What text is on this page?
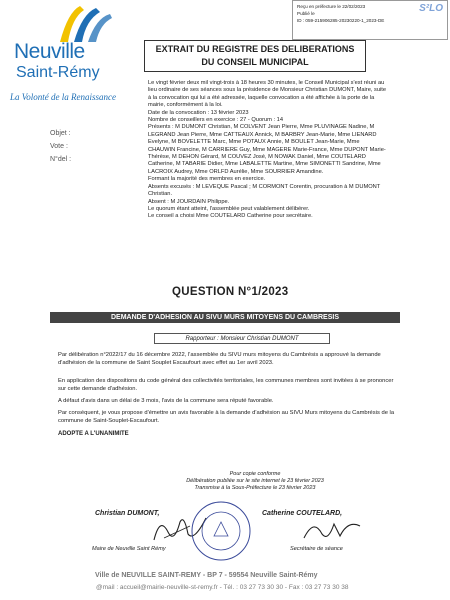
Reçu en préfecture le 22/02/2023
Publié le
ID : 059-215906285-20230220-1_2023-DE
S²LO
Neuville
Saint-Rémy
La Volonté de la Renaissance
EXTRAIT DU REGISTRE DES DELIBERATIONS
DU CONSEIL MUNICIPAL
Objet :
Vote :
N°del :

Le vingt février deux mil vingt-trois à 18 heures 30 minutes, le Conseil Municipal s'est réuni au lieu ordinaire de ses séances sous la présidence de Monsieur Christian DUMONT, Maire, suite à la convocation qui lui a été adressée, laquelle convocation a été affichée à la porte de la mairie, conformément à la loi.

Date de la convocation : 13 février 2023

Nombre de conseillers en exercice : 27 - Quorum : 14

Présents : M DUMONT Christian, M COLVENT Jean Pierre, Mme PLUVINAGE Nadine, M LEGRAND Jean Pierre, Mme CATTEAUX Annick, M BARBRY Jean-Marie, Mme LIENARD Evelyne, M BOVELETTE Marc, Mme POTAUX Annie, M BOULET Jean-Marie, Mme CHAUWIN Francine, M CARRIERE Guy, Mme MAGERE Marie-France, Mme DUPONT Marie-Thérèse, M DEHON Gérard, M COUVEZ José, M NOWAK Daniel, Mme COUTELARD Catherine, M TABARIE Didier, Mme LABALETTE Martine, Mme SIMONETTI Sandrine, Mme LACROIX Audrey, Mme ORLFD Aurélie, Mme SOURRIER Amandine.

Formant la majorité des membres en exercice.

Absents excusés : M LEVEQUE Pascal ; M CORMONT Corentin, procuration à M DUMONT Christian.

Absent : M JOURDAIN Philippe.

Le quorum étant atteint, l'assemblée peut valablement délibérer.

Le conseil a choisi Mme COUTELARD Catherine pour secrétaire.

QUESTION N°1/2023
DEMANDE D'ADHESION AU SIVU MURS MITOYENS DU CAMBRESIS
Rapporteur : Monsieur Christian DUMONT
Par délibération n°2022/17 du 16 décembre 2022, l'assemblée du SIVU murs mitoyens du Cambrésis a approuvé la demande d'adhésion de la commune de Saint Souplet Escaufourt avec effet au 1er avril 2023.
En application des dispositions du code général des collectivités territoriales, les communes membres sont invitées à se prononcer sur cette demande d'adhésion.
A défaut d'avis dans un délai de 3 mois, l'avis de la commune sera réputé favorable.
Par conséquent, je vous propose d'émettre un avis favorable à la demande d'adhésion au SIVU Murs mitoyens du Cambrésis de la commune de Saint-Souplet-Escaufourt.
ADOPTE A L'UNANIMITE
Pour copie conforme
Délibération publiée sur le site internet le 23 février 2023
Transmise à la Sous-Préfecture le 23 février 2023
Christian DUMONT,	Catherine COUTELARD,
Maire de Neuville Saint Rémy	Secrétaire de séance
Ville de NEUVILLE SAINT-REMY - BP 7 - 59554 Neuville Saint-Rémy
@mail : accueil@mairie-neuville-st-remy.fr - Tél. : 03 27 73 30 30 - Fax : 03 27 73 30 38
